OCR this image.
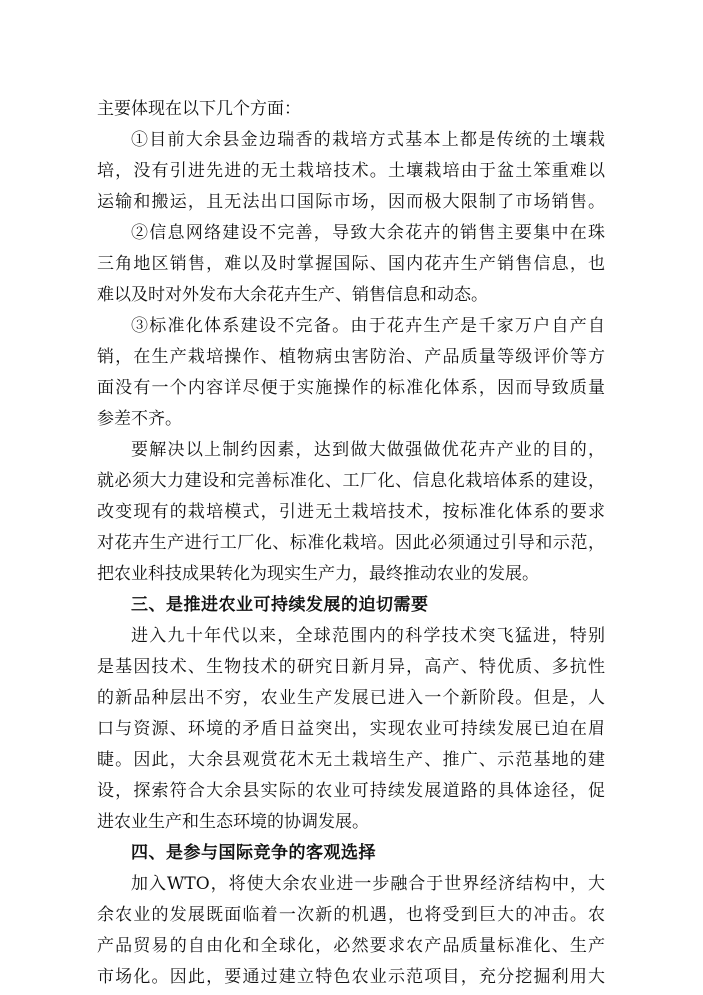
主要体现在以下几个方面：
①目前大余县金边瑞香的栽培方式基本上都是传统的土壤栽
培，没有引进先进的无土栽培技术。土壤栽培由于盆土笨重难以
运输和搬运，且无法出口国际市场，因而极大限制了市场销售。
②信息网络建设不完善，导致大余花卉的销售主要集中在珠
三角地区销售，难以及时掌握国际、国内花卉生产销售信息，也
难以及时对外发布大余花卉生产、销售信息和动态。
③标准化体系建设不完备。由于花卉生产是千家万户自产自
销，在生产栽培操作、植物病虫害防治、产品质量等级评价等方
面没有一个内容详尽便于实施操作的标准化体系，因而导致质量
参差不齐。
要解决以上制约因素，达到做大做强做优花卉产业的目的，
就必须大力建设和完善标准化、工厂化、信息化栽培体系的建设，
改变现有的栽培模式，引进无土栽培技术，按标准化体系的要求
对花卉生产进行工厂化、标准化栽培。因此必须通过引导和示范，
把农业科技成果转化为现实生产力，最终推动农业的发展。
三、是推进农业可持续发展的迫切需要
进入九十年代以来，全球范围内的科学技术突飞猛进，特别
是基因技术、生物技术的研究日新月异，高产、特优质、多抗性
的新品种层出不穷，农业生产发展已进入一个新阶段。但是，人
口与资源、环境的矛盾日益突出，实现农业可持续发展已迫在眉
睫。因此，大余县观赏花木无土栽培生产、推广、示范基地的建
设，探索符合大余县实际的农业可持续发展道路的具体途径，促
进农业生产和生态环境的协调发展。
四、是参与国际竞争的客观选择
加入WTO，将使大余农业进一步融合于世界经济结构中，大
余农业的发展既面临着一次新的机遇，也将受到巨大的冲击。农
产品贸易的自由化和全球化，必然要求农产品质量标准化、生产
市场化。因此，要通过建立特色农业示范项目，充分挖掘利用大
